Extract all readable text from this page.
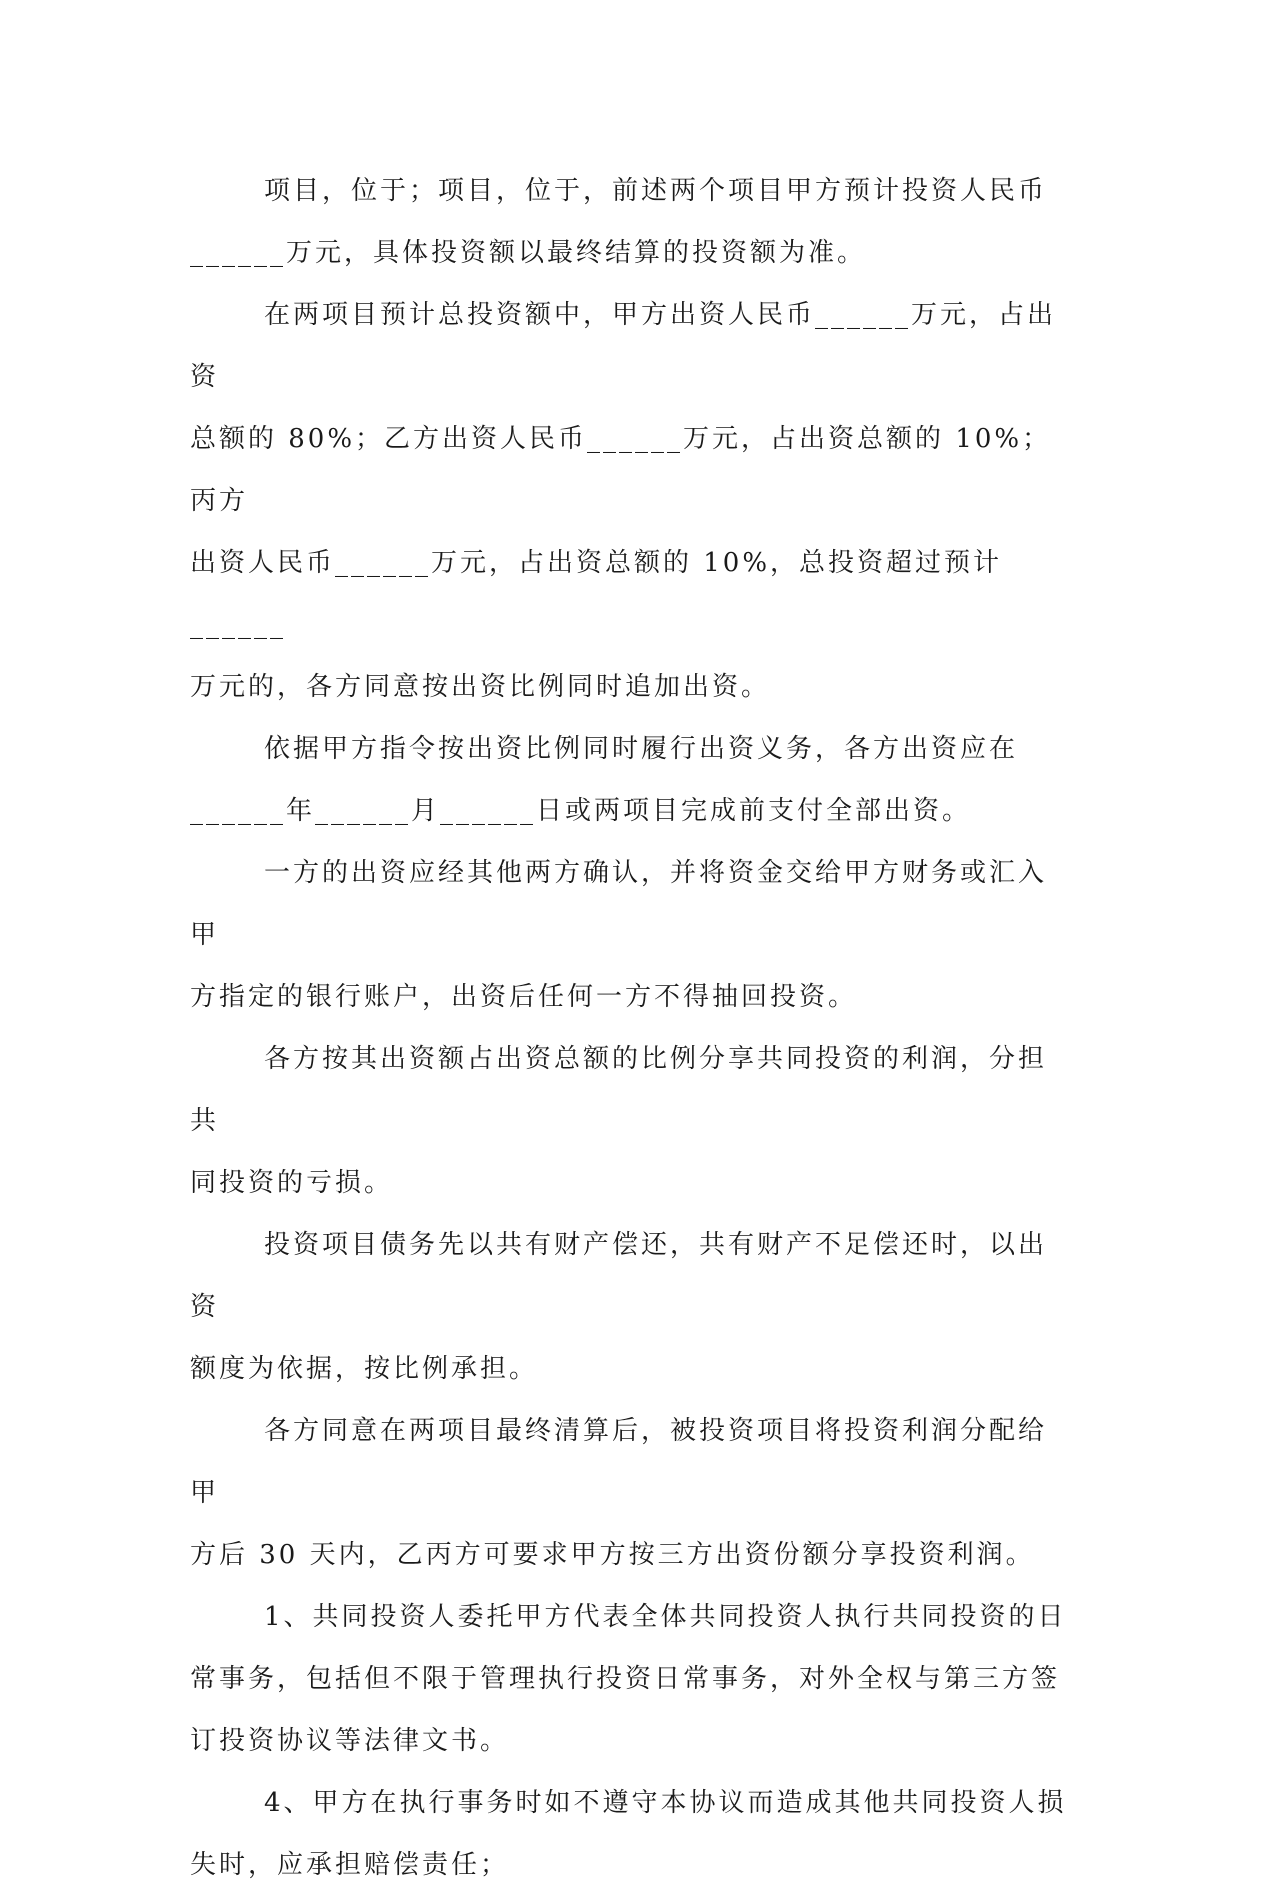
项目，位于；项目，位于，前述两个项目甲方预计投资人民币
______万元，具体投资额以最终结算的投资额为准。
在两项目预计总投资额中，甲方出资人民币______万元，占出资
总额的 80%；乙方出资人民币______万元，占出资总额的 10%；丙方
出资人民币______万元，占出资总额的 10%，总投资超过预计______
万元的，各方同意按出资比例同时追加出资。
依据甲方指令按出资比例同时履行出资义务，各方出资应在
______年______月______日或两项目完成前支付全部出资。
一方的出资应经其他两方确认，并将资金交给甲方财务或汇入甲
方指定的银行账户，出资后任何一方不得抽回投资。
各方按其出资额占出资总额的比例分享共同投资的利润，分担共
同投资的亏损。
投资项目债务先以共有财产偿还，共有财产不足偿还时，以出资
额度为依据，按比例承担。
各方同意在两项目最终清算后，被投资项目将投资利润分配给甲
方后 30 天内，乙丙方可要求甲方按三方出资份额分享投资利润。
1、共同投资人委托甲方代表全体共同投资人执行共同投资的日
常事务，包括但不限于管理执行投资日常事务，对外全权与第三方签
订投资协议等法律文书。
4、甲方在执行事务时如不遵守本协议而造成其他共同投资人损
失时，应承担赔偿责任；
